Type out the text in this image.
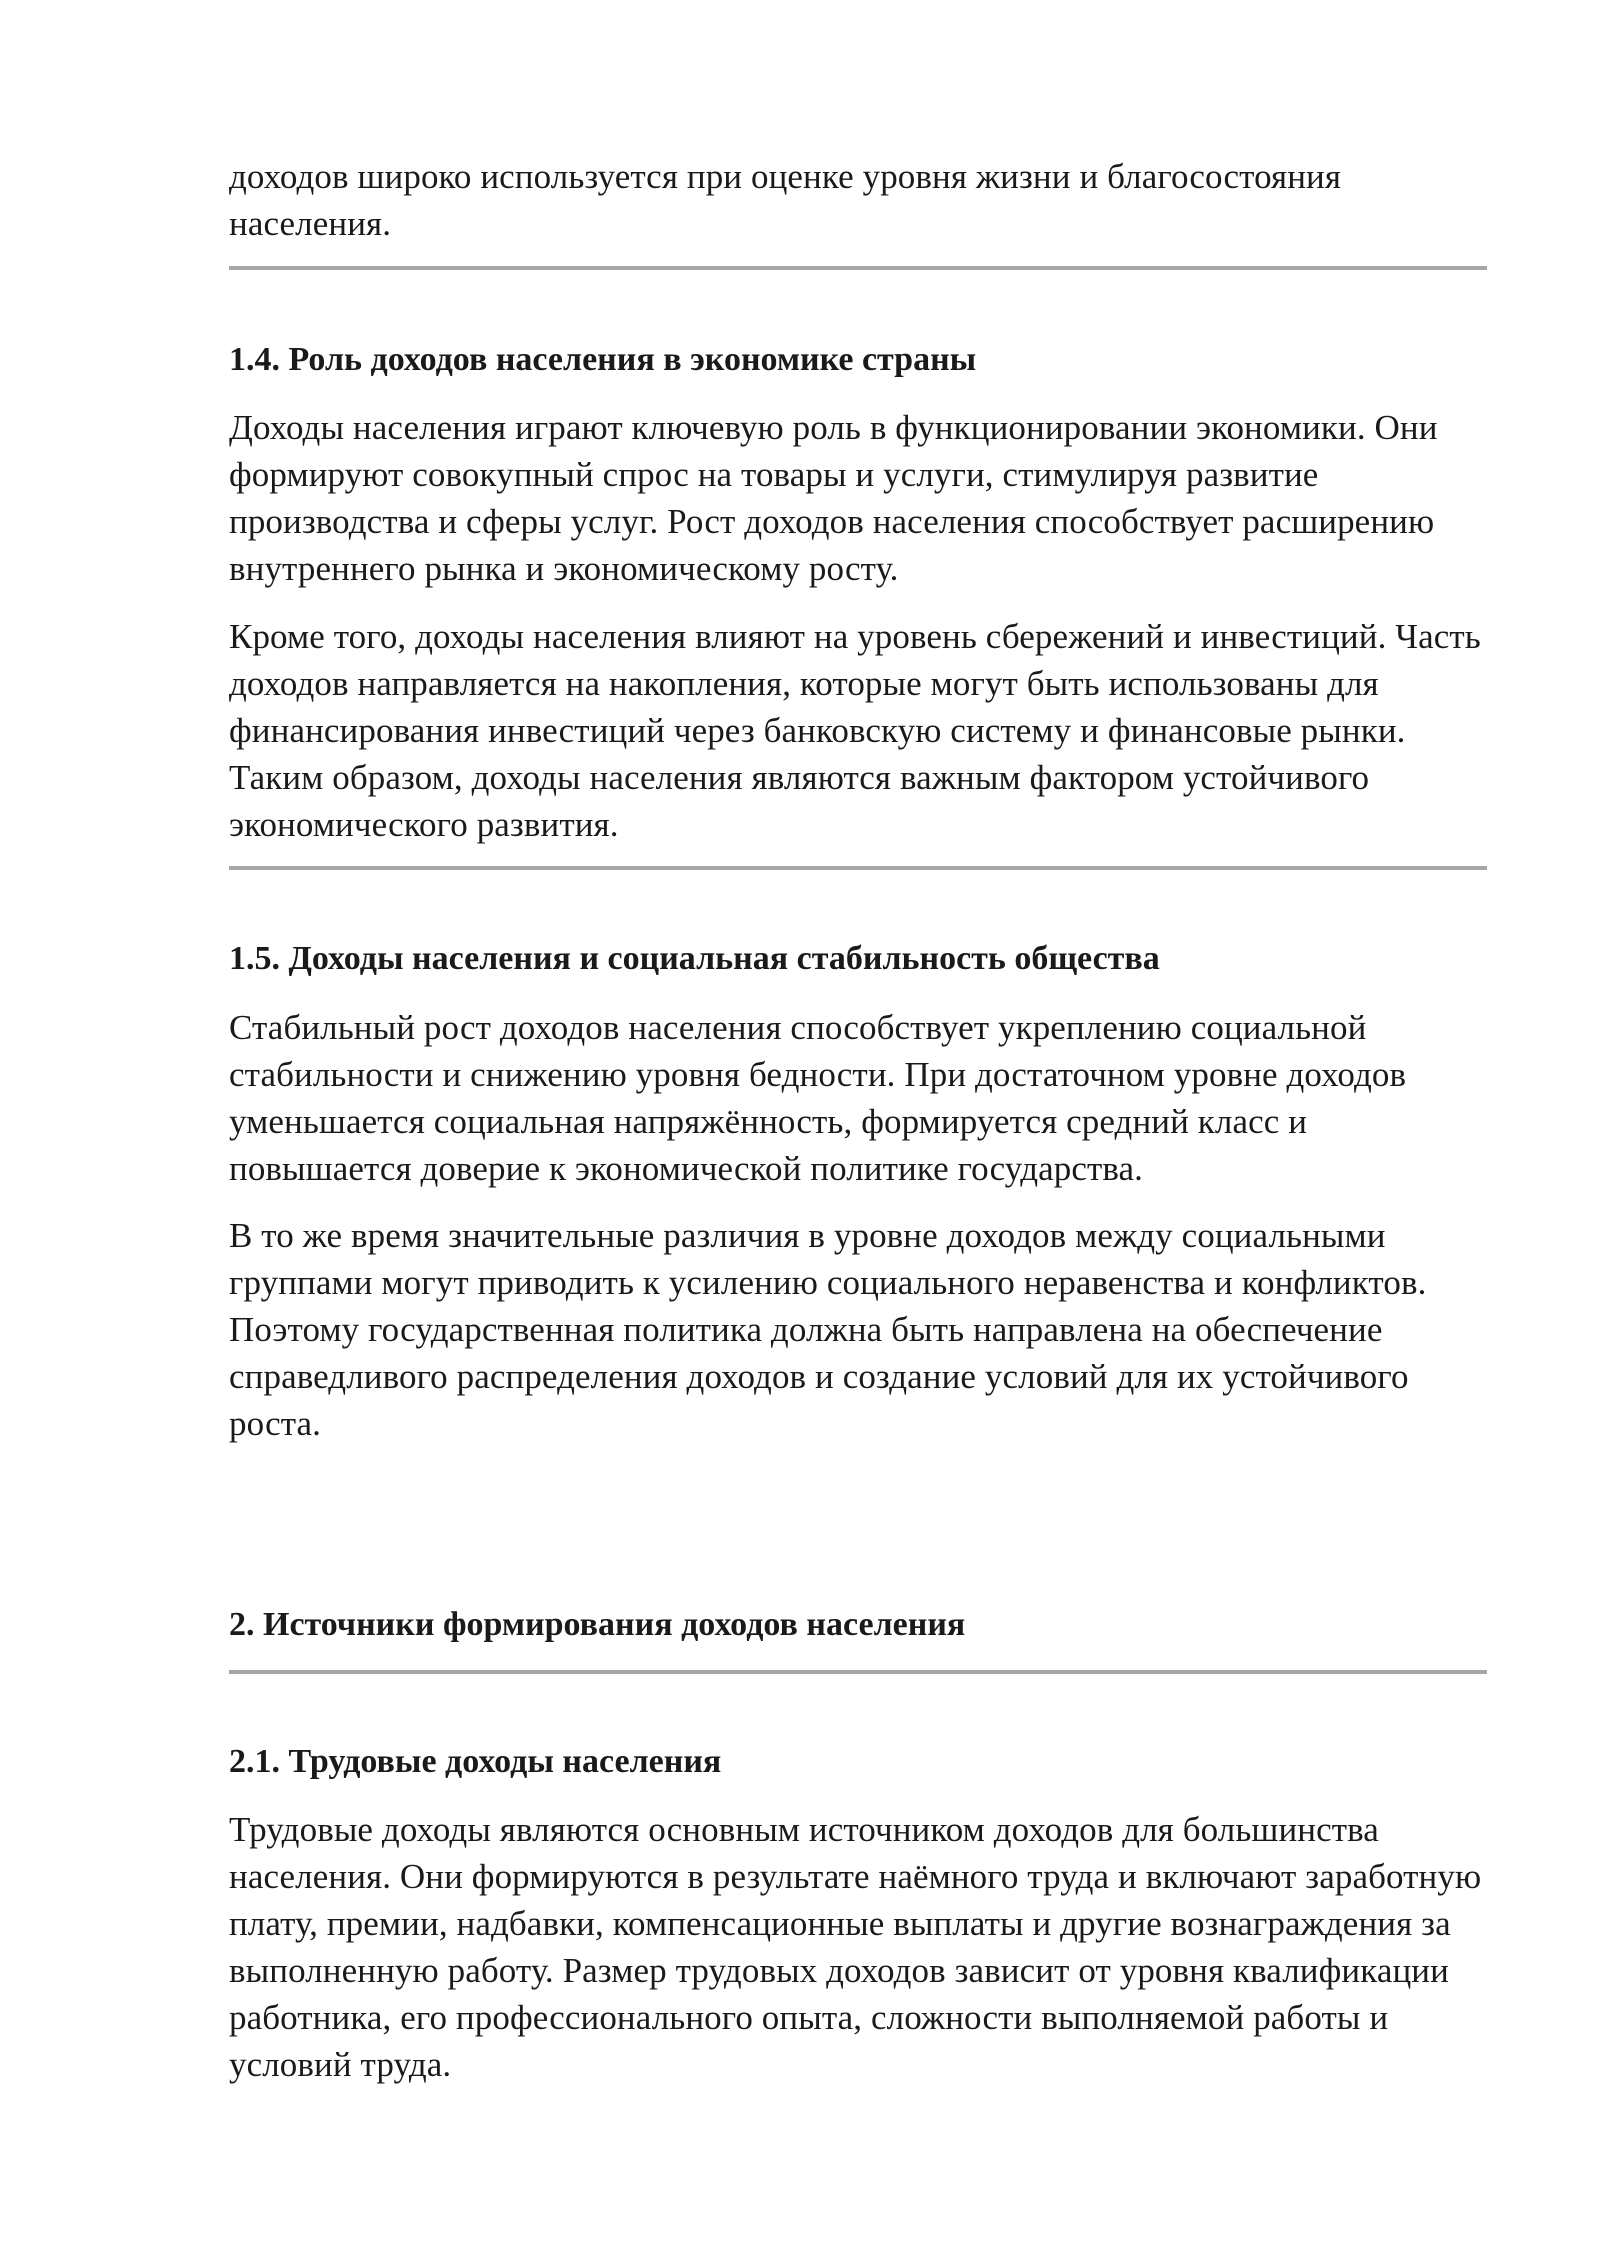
доходов широко используется при оценке уровня жизни и благосостояния населения.

1.4. Роль доходов населения в экономике страны

Доходы населения играют ключевую роль в функционировании экономики. Они формируют совокупный спрос на товары и услуги, стимулируя развитие производства и сферы услуг. Рост доходов населения способствует расширению внутреннего рынка и экономическому росту.

Кроме того, доходы населения влияют на уровень сбережений и инвестиций. Часть доходов направляется на накопления, которые могут быть использованы для финансирования инвестиций через банковскую систему и финансовые рынки. Таким образом, доходы населения являются важным фактором устойчивого экономического развития.

1.5. Доходы населения и социальная стабильность общества

Стабильный рост доходов населения способствует укреплению социальной стабильности и снижению уровня бедности. При достаточном уровне доходов уменьшается социальная напряжённость, формируется средний класс и повышается доверие к экономической политике государства.

В то же время значительные различия в уровне доходов между социальными группами могут приводить к усилению социального неравенства и конфликтов. Поэтому государственная политика должна быть направлена на обеспечение справедливого распределения доходов и создание условий для их устойчивого роста.

2. Источники формирования доходов населения
2.1. Трудовые доходы населения

Трудовые доходы являются основным источником доходов для большинства населения. Они формируются в результате наёмного труда и включают заработную плату, премии, надбавки, компенсационные выплаты и другие вознаграждения за выполненную работу. Размер трудовых доходов зависит от уровня квалификации работника, его профессионального опыта, сложности выполняемой работы и условий труда.
